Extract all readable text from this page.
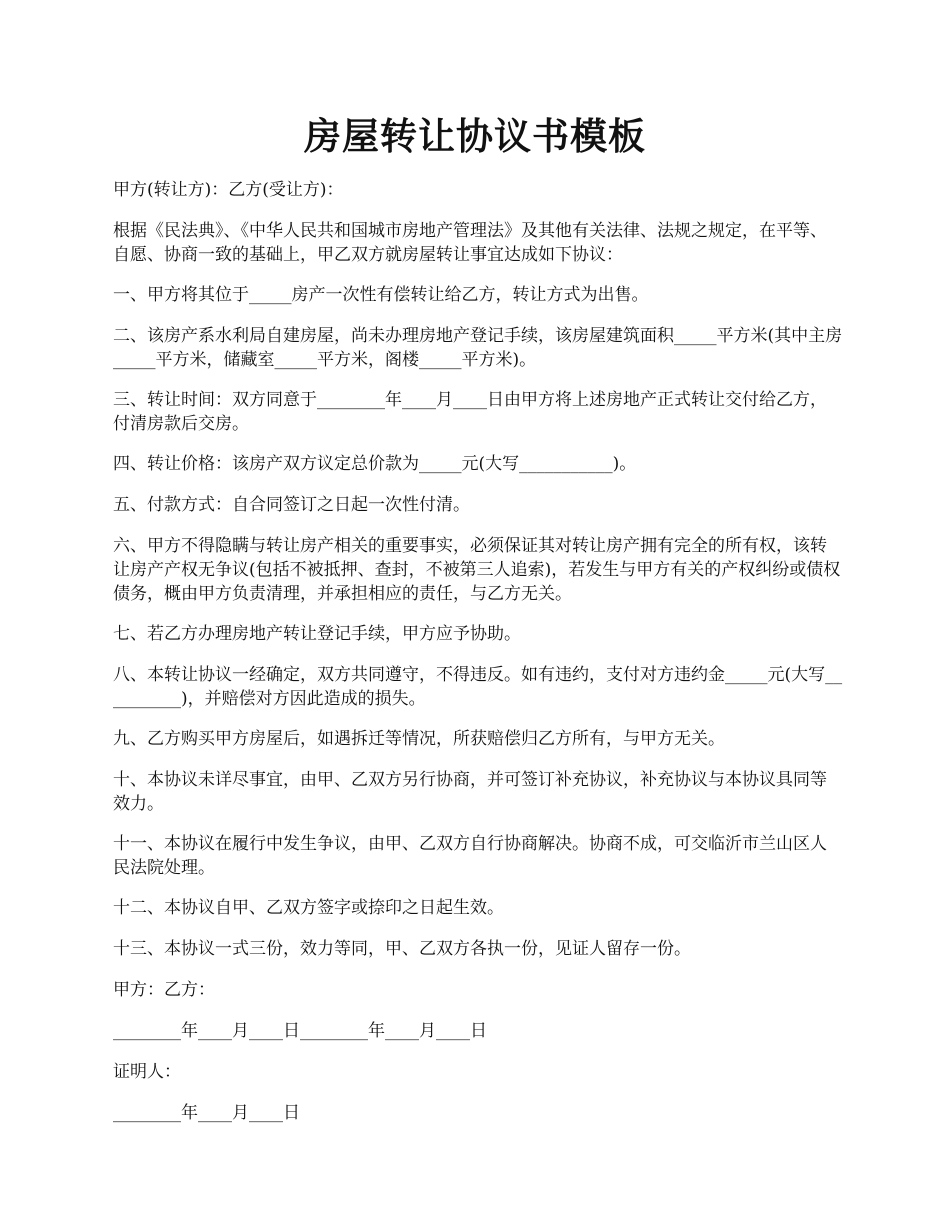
房屋转让协议书模板

甲方(转让方)：乙方(受让方)：

根据《民法典》、《中华人民共和国城市房地产管理法》及其他有关法律、法规之规定，在平等、自愿、协商一致的基础上，甲乙双方就房屋转让事宜达成如下协议：

一、甲方将其位于_____房产一次性有偿转让给乙方，转让方式为出售。

二、该房产系水利局自建房屋，尚未办理房地产登记手续，该房屋建筑面积_____平方米(其中主房_____平方米，储藏室_____平方米，阁楼_____平方米)。

三、转让时间：双方同意于________年____月____日由甲方将上述房地产正式转让交付给乙方，付清房款后交房。

四、转让价格：该房产双方议定总价款为_____元(大写___________)。

五、付款方式：自合同签订之日起一次性付清。

六、甲方不得隐瞒与转让房产相关的重要事实，必须保证其对转让房产拥有完全的所有权，该转让房产产权无争议(包括不被抵押、查封，不被第三人追索)，若发生与甲方有关的产权纠纷或债权债务，概由甲方负责清理，并承担相应的责任，与乙方无关。

七、若乙方办理房地产转让登记手续，甲方应予协助。

八、本转让协议一经确定，双方共同遵守，不得违反。如有违约，支付对方违约金_____元(大写__________)，并赔偿对方因此造成的损失。

九、乙方购买甲方房屋后，如遇拆迁等情况，所获赔偿归乙方所有，与甲方无关。

十、本协议未详尽事宜，由甲、乙双方另行协商，并可签订补充协议，补充协议与本协议具同等效力。

十一、本协议在履行中发生争议，由甲、乙双方自行协商解决。协商不成，可交临沂市兰山区人民法院处理。

十二、本协议自甲、乙双方签字或捺印之日起生效。

十三、本协议一式三份，效力等同，甲、乙双方各执一份，见证人留存一份。

甲方：乙方：

________年____月____日________年____月____日

证明人：

________年____月____日
